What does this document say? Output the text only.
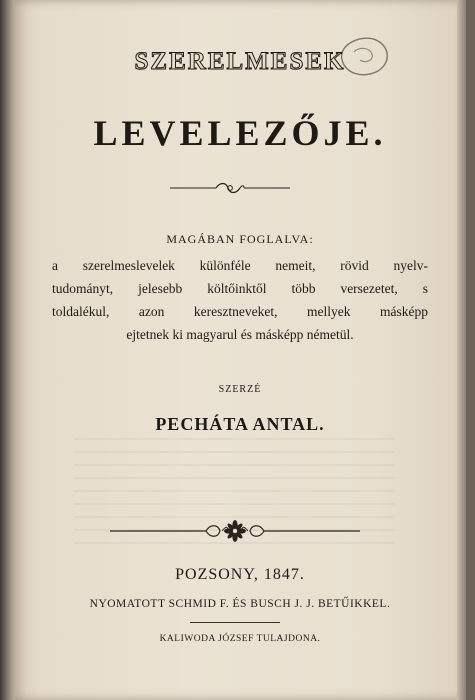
SZERELMESEK
LEVELEZŐJE.
MAGÁBAN FOGLALVA:
a szerelmeslevelek különféle nemeit, rövid nyelv-
tudományt, jelesebb költőinktől több versezetet, s
toldalékul, azon keresztneveket, mellyek másképp
ejtetnek ki magyarul és másképp németül.
SZERZÉ
PECHÁTA ANTAL.
POZSONY, 1847.
NYOMATOTT SCHMID F. ÉS BUSCH J. J. BETŰIKKEL.
KALIWODA JÓZSEF TULAJDONA.
